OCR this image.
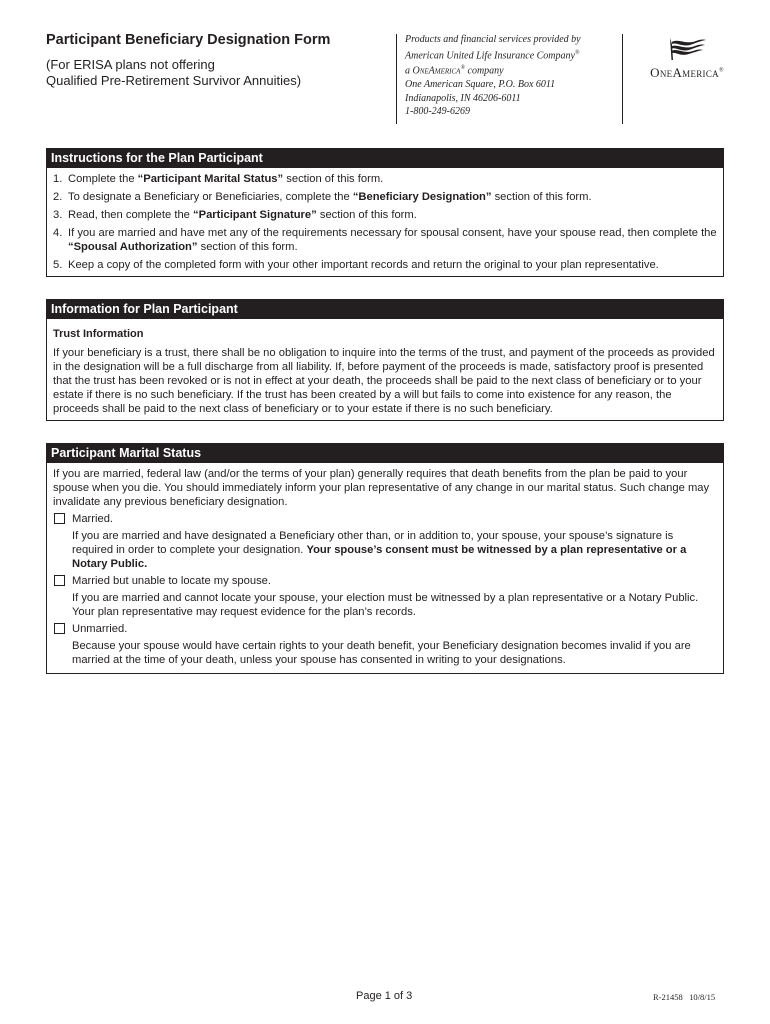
Participant Beneficiary Designation Form
(For ERISA plans not offering
Qualified Pre-Retirement Survivor Annuities)
Products and financial services provided by
American United Life Insurance Company®
a OneAmerica® company
One American Square, P.O. Box 6011
Indianapolis, IN 46206-6011
1-800-249-6269
OneAmerica®
Instructions for the Plan Participant
1. Complete the “Participant Marital Status” section of this form.
2. To designate a Beneficiary or Beneficiaries, complete the “Beneficiary Designation” section of this form.
3. Read, then complete the “Participant Signature” section of this form.
4. If you are married and have met any of the requirements necessary for spousal consent, have your spouse read, then complete the “Spousal Authorization” section of this form.
5. Keep a copy of the completed form with your other important records and return the original to your plan representative.
Information for Plan Participant
Trust Information
If your beneficiary is a trust, there shall be no obligation to inquire into the terms of the trust, and payment of the proceeds as provided in the designation will be a full discharge from all liability. If, before payment of the proceeds is made, satisfactory proof is presented that the trust has been revoked or is not in effect at your death, the proceeds shall be paid to the next class of beneficiary or to your estate if there is no such beneficiary. If the trust has been created by a will but fails to come into existence for any reason, the proceeds shall be paid to the next class of beneficiary or to your estate if there is no such beneficiary.
Participant Marital Status
If you are married, federal law (and/or the terms of your plan) generally requires that death benefits from the plan be paid to your spouse when you die. You should immediately inform your plan representative of any change in our marital status. Such change may invalidate any previous beneficiary designation.
Married.
If you are married and have designated a Beneficiary other than, or in addition to, your spouse, your spouse’s signature is required in order to complete your designation. Your spouse’s consent must be witnessed by a plan representative or a Notary Public.
Married but unable to locate my spouse.
If you are married and cannot locate your spouse, your election must be witnessed by a plan representative or a Notary Public. Your plan representative may request evidence for the plan’s records.
Unmarried.
Because your spouse would have certain rights to your death benefit, your Beneficiary designation becomes invalid if you are married at the time of your death, unless your spouse has consented in writing to your designations.
Page 1 of 3	R-21458   10/8/15
